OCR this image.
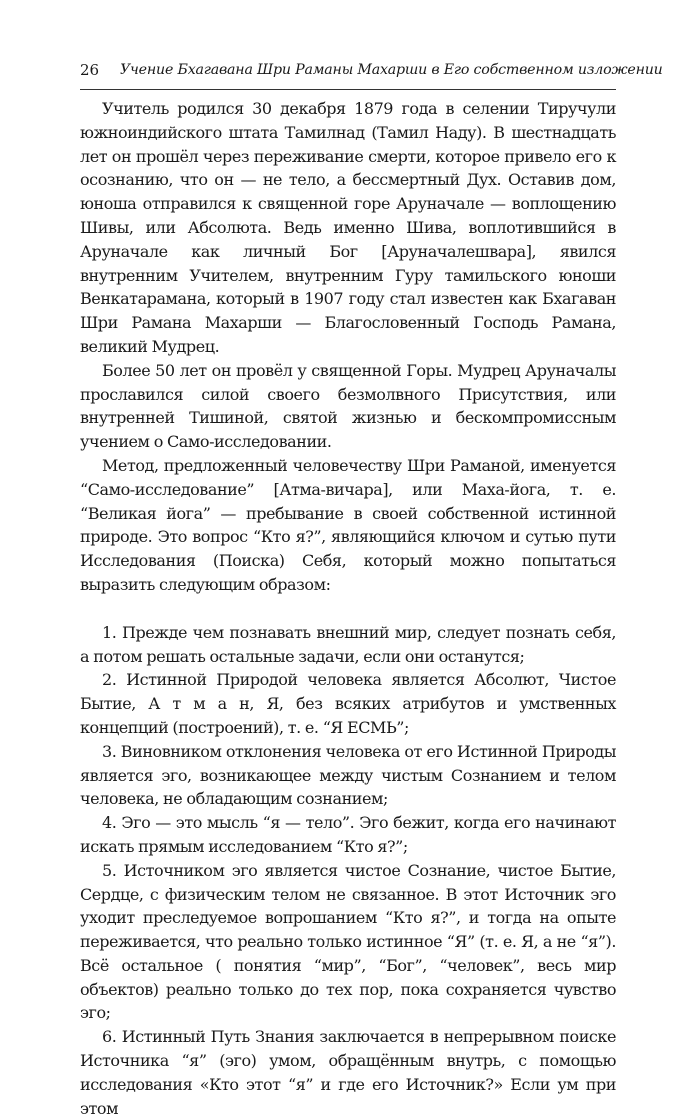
26 Учение Бхагавана Шри Раманы Махарши в Его собственном изложении

Учитель родился 30 декабря 1879 года в селении Тиручули южноиндийского штата Тамилнад (Тамил Наду). В шестнадцать лет он прошёл через переживание смерти, которое привело его к осознанию, что он — не тело, а бессмертный Дух. Оставив дом, юноша отправился к священной горе Аруначале — воплощению Шивы, или Абсолюта. Ведь именно Шива, воплотившийся в Аруначале как личный Бог [Аруначалешвара], явился внутренним Учителем, внутренним Гуру тамильского юноши Венкатарамана, который в 1907 году стал известен как Бхагаван Шри Рамана Махарши — Благословенный Господь Рамана, великий Мудрец.

Более 50 лет он провёл у священной Горы. Мудрец Аруначалы прославился силой своего безмолвного Присутствия, или внутренней Тишиной, святой жизнью и бескомпромиссным учением о Само-исследовании.

Метод, предложенный человечеству Шри Раманой, именуется “Само-исследование” [Атма-вичара], или Маха-йога, т. е. “Великая йога” — пребывание в своей собственной истинной природе. Это вопрос “Кто я?”, являющийся ключом и сутью пути Исследования (Поиска) Себя, который можно попытаться выразить следующим образом:

1. Прежде чем познавать внешний мир, следует познать себя, а потом решать остальные задачи, если они останутся;

2. Истинной Природой человека является Абсолют, Чистое Бытие, А т м а н, Я, без всяких атрибутов и умственных концепций (построений), т. е. “Я ЕСМЬ”;

3. Виновником отклонения человека от его Истинной Природы является эго, возникающее между чистым Сознанием и телом человека, не обладающим сознанием;

4. Эго — это мысль “я — тело”. Эго бежит, когда его начинают искать прямым исследованием “Кто я?”;

5. Источником эго является чистое Сознание, чистое Бытие, Сердце, с физическим телом не связанное. В этот Источник эго уходит преследуемое вопрошанием “Кто я?”, и тогда на опыте переживается, что реально только истинное “Я” (т. е. Я, а не “я”). Всё остальное ( понятия “мир”, “Бог”, “человек”, весь мир объектов) реально только до тех пор, пока сохраняется чувство эго;

6. Истинный Путь Знания заключается в непрерывном поиске Источника “я” (эго) умом, обращённым внутрь, с помощью исследования «Кто этот “я” и где его Источник?» Если ум при этом
